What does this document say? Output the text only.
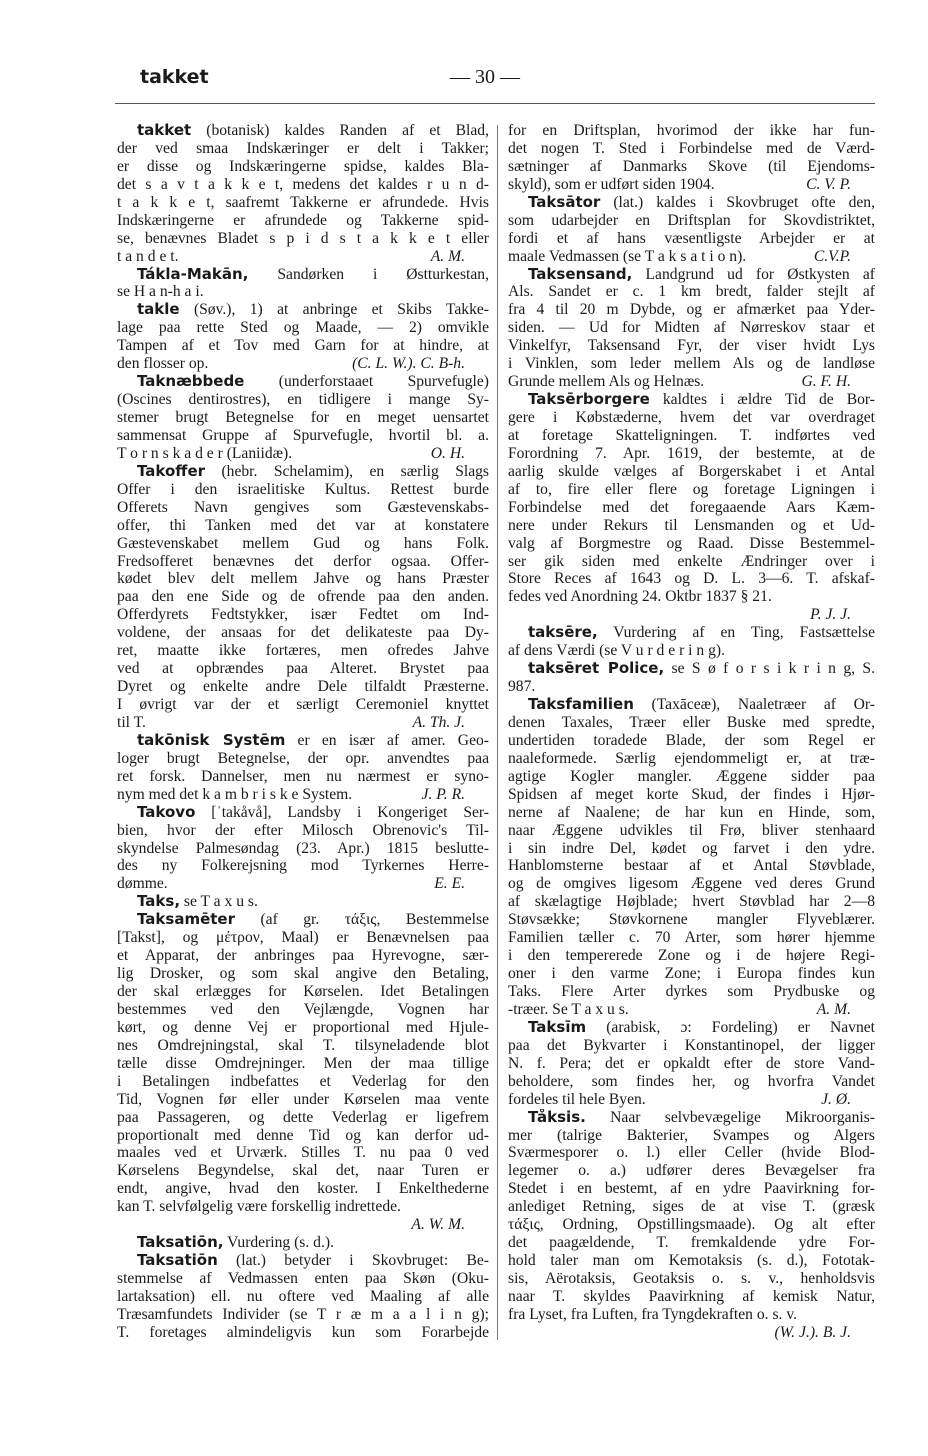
takket	— 30 —
takket (botanisk) kaldes Randen af et Blad,
der ved smaa Indskæringer er delt i Takker;
er disse og Indskæringerne spidse, kaldes Bla-
det s a v t a k k e t, medens det kaldes r u n d-
t a k k e t, saafremt Takkerne er afrundede. Hvis
Indskæringerne er afrundede og Takkerne spid-
se, benævnes Bladet s p i d s t a k k e t eller
A. M.
t a n d e t.
Tákla-Makān, Sandørken i Østturkestan,
se H a n-h a i.
takle (Søv.), 1) at anbringe et Skibs Takke-
lage paa rette Sted og Maade, — 2) omvikle
Tampen af et Tov med Garn for at hindre, at
(C. L. W.). C. B-h.
den flosser op.
Taknæbbede (underforstaaet Spurvefugle)
(Oscines dentirostres), en tidligere i mange Sy-
stemer brugt Betegnelse for en meget uensartet
sammensat Gruppe af Spurvefugle, hvortil bl. a.
O. H.
T o r n s k a d e r (Laniidæ).
Takoffer (hebr. Schelamim), en særlig Slags
Offer i den israelitiske Kultus. Rettest burde
Offerets Navn gengives som Gæstevenskabs-
offer, thi Tanken med det var at konstatere
Gæstevenskabet mellem Gud og hans Folk.
Fredsofferet benævnes det derfor ogsaa. Offer-
kødet blev delt mellem Jahve og hans Præster
paa den ene Side og de ofrende paa den anden.
Offerdyrets Fedtstykker, især Fedtet om Ind-
voldene, der ansaas for det delikateste paa Dy-
ret, maatte ikke fortæres, men ofredes Jahve
ved at opbrændes paa Alteret. Brystet paa
Dyret og enkelte andre Dele tilfaldt Præsterne.
I øvrigt var der et særligt Ceremoniel knyttet
A. Th. J.
til T.
takōnisk Systēm er en især af amer. Geo-
loger brugt Betegnelse, der opr. anvendtes paa
ret forsk. Dannelser, men nu nærmest er syno-
J. P. R.
nym med det k a m b r i s k e System.
Takovo [ˈtakåvå], Landsby i Kongeriget Ser-
bien, hvor der efter Milosch Obrenovic's Til-
skyndelse Palmesøndag (23. Apr.) 1815 beslutte-
des ny Folkerejsning mod Tyrkernes Herre-
E. E.
dømme.
Taks, se T a x u s.
Taksamēter (af gr. τάξις, Bestemmelse
[Takst], og μέτρον, Maal) er Benævnelsen paa
et Apparat, der anbringes paa Hyrevogne, sær-
lig Drosker, og som skal angive den Betaling,
der skal erlægges for Kørselen. Idet Betalingen
bestemmes ved den Vejlængde, Vognen har
kørt, og denne Vej er proportional med Hjule-
nes Omdrejningstal, skal T. tilsyneladende blot
tælle disse Omdrejninger. Men der maa tillige
i Betalingen indbefattes et Vederlag for den
Tid, Vognen før eller under Kørselen maa vente
paa Passageren, og dette Vederlag er ligefrem
proportionalt med denne Tid og kan derfor ud-
maales ved et Urværk. Stilles T. nu paa 0 ved
Kørselens Begyndelse, skal det, naar Turen er
endt, angive, hvad den koster. I Enkelthederne
kan T. selvfølgelig være forskellig indrettede.
A. W. M.
Taksatiōn, Vurdering (s. d.).
Taksatiōn (lat.) betyder i Skovbruget: Be-
stemmelse af Vedmassen enten paa Skøn (Oku-
lartaksation) ell. nu oftere ved Maaling af alle
Træsamfundets Individer (se T r æ m a a l i n g);
T. foretages almindeligvis kun som Forarbejde
for en Driftsplan, hvorimod der ikke har fun-
det nogen T. Sted i Forbindelse med de Værd-
sætninger af Danmarks Skove (til Ejendoms-
C. V. P.
skyld), som er udført siden 1904.
Taksātor (lat.) kaldes i Skovbruget ofte den,
som udarbejder en Driftsplan for Skovdistriktet,
fordi et af hans væsentligste Arbejder er at
C.V.P.
maale Vedmassen (se T a k s a t i o n).
Taksensand, Landgrund ud for Østkysten af
Als. Sandet er c. 1 km bredt, falder stejlt af
fra 4 til 20 m Dybde, og er afmærket paa Yder-
siden. — Ud for Midten af Nørreskov staar et
Vinkelfyr, Taksensand Fyr, der viser hvidt Lys
i Vinklen, som leder mellem Als og de landløse
G. F. H.
Grunde mellem Als og Helnæs.
Taksērborgere kaldtes i ældre Tid de Bor-
gere i Købstæderne, hvem det var overdraget
at foretage Skatteligningen. T. indførtes ved
Forordning 7. Apr. 1619, der bestemte, at de
aarlig skulde vælges af Borgerskabet i et Antal
af to, fire eller flere og foretage Ligningen i
Forbindelse med det foregaaende Aars Kæm-
nere under Rekurs til Lensmanden og et Ud-
valg af Borgmestre og Raad. Disse Bestemmel-
ser gik siden med enkelte Ændringer over i
Store Reces af 1643 og D. L. 3—6. T. afskaf-
fedes ved Anordning 24. Oktbr 1837 § 21.
P. J. J.
taksēre, Vurdering af en Ting, Fastsættelse
af dens Værdi (se V u r d e r i n g).
taksēret Police, se S ø f o r s i k r i n g, S.
987.
Taksfamilien (Taxāceæ), Naaletræer af Or-
denen Taxales, Træer eller Buske med spredte,
undertiden toradede Blade, der som Regel er
naaleformede. Særlig ejendommeligt er, at træ-
agtige Kogler mangler. Æggene sidder paa
Spidsen af meget korte Skud, der findes i Hjør-
nerne af Naalene; de har kun en Hinde, som,
naar Æggene udvikles til Frø, bliver stenhaard
i sin indre Del, kødet og farvet i den ydre.
Hanblomsterne bestaar af et Antal Støvblade,
og de omgives ligesom Æggene ved deres Grund
af skælagtige Højblade; hvert Støvblad har 2—8
Støvsække; Støvkornene mangler Flyveblærer.
Familien tæller c. 70 Arter, som hører hjemme
i den tempererede Zone og i de højere Regi-
oner i den varme Zone; i Europa findes kun
Taks. Flere Arter dyrkes som Prydbuske og
A. M.
-træer. Se T a x u s.
Taksīm (arabisk, ɔ: Fordeling) er Navnet
paa det Bykvarter i Konstantinopel, der ligger
N. f. Pera; det er opkaldt efter de store Vand-
beholdere, som findes her, og hvorfra Vandet
J. Ø.
fordeles til hele Byen.
Tåksis. Naar selvbevægelige Mikroorganis-
mer (talrige Bakterier, Svampes og Algers
Sværmesporer o. l.) eller Celler (hvide Blod-
legemer o. a.) udfører deres Bevægelser fra
Stedet i en bestemt, af en ydre Paavirkning for-
anlediget Retning, siges de at vise T. (græsk
τάξις, Ordning, Opstillingsmaade). Og alt efter
det paagældende, T. fremkaldende ydre For-
hold taler man om Kemotaksis (s. d.), Fototak-
sis, Aërotaksis, Geotaksis o. s. v., henholdsvis
naar T. skyldes Paavirkning af kemisk Natur,
fra Lyset, fra Luften, fra Tyngdekraften o. s. v.
(W. J.). B. J.
